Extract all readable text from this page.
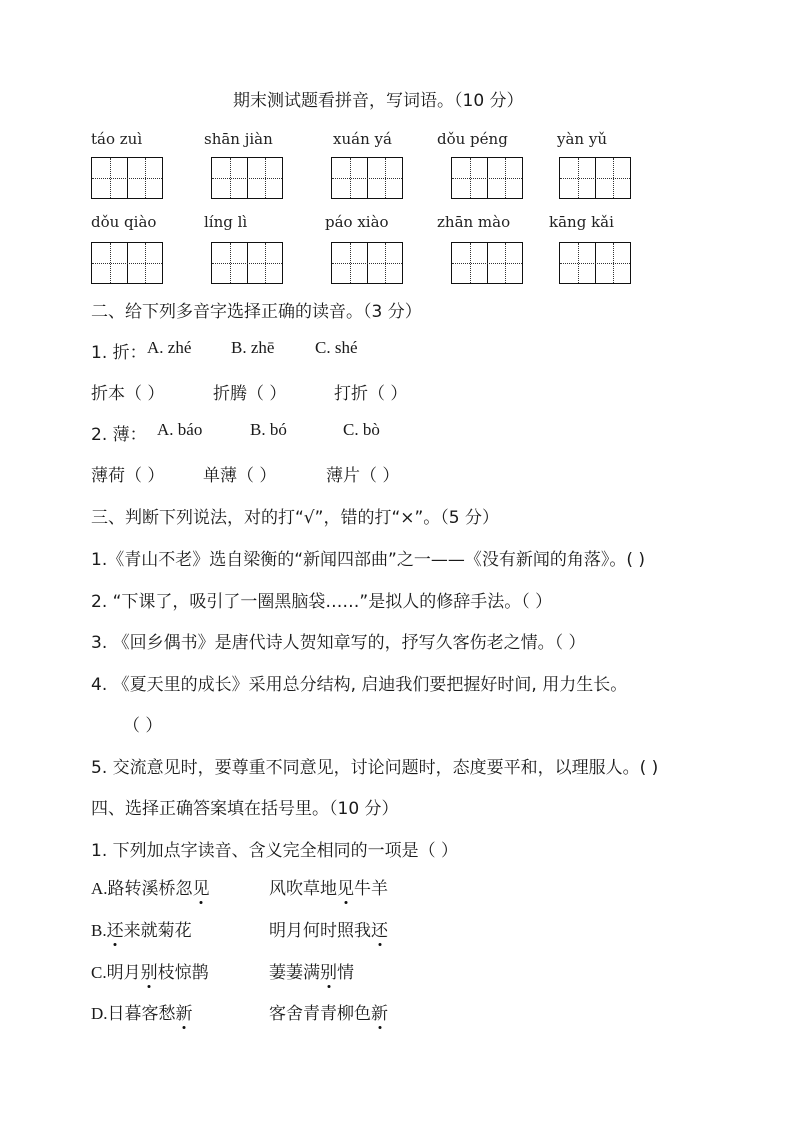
期末测试题看拼音，写词语。（10 分）
táo zuì	shān jiàn	xuán yá	dǒu péng	yàn yǔ
dǒu qiào	líng lì	páo xiào	zhān mào	kāng kǎi
二、给下列多音字选择正确的读音。（3 分）
1. 折： A. zhé B. zhē C. shé
折本（ ）	折腾（ ）	打折（ ）
2. 薄： A. báo	B. bó	C. bò
薄荷（ ） 单薄（ ）	薄片（ ）
三、判断下列说法，对的打“√”，错的打“×”。（5 分）
1.《青山不老》选自梁衡的“新闻四部曲”之一——《没有新闻的角落》。( )
2. “下课了，吸引了一圈黑脑袋……”是拟人的修辞手法。（ ）
3. 《回乡偶书》是唐代诗人贺知章写的，抒写久客伤老之情。（ ）
4. 《夏天里的成长》采用总分结构, 启迪我们要把握好时间, 用力生长。
（ ）
5. 交流意见时，要尊重不同意见，讨论问题时，态度要平和，以理服人。( )
四、选择正确答案填在括号里。（10 分）
1. 下列加点字读音、含义完全相同的一项是（ ）
A.路转溪桥忽见	风吹草地见牛羊
B.还来就菊花	明月何时照我还
C.明月别枝惊鹊	萋萋满别情
D.日暮客愁新	客舍青青柳色新
